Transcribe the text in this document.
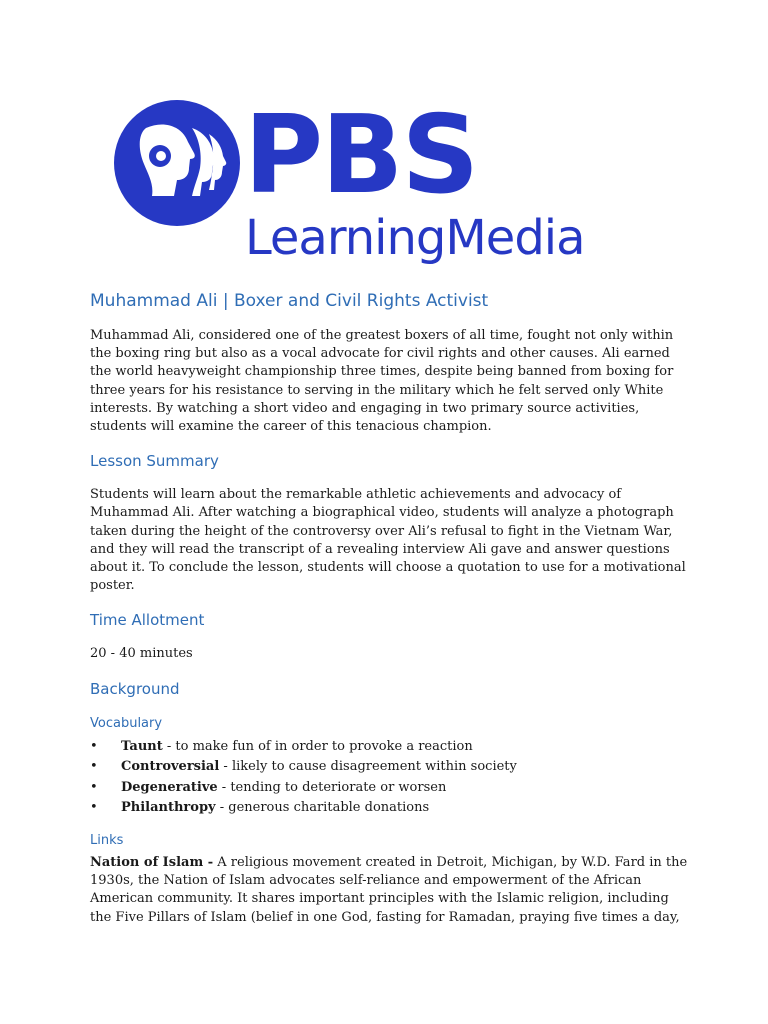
PBS
LearningMedia
Muhammad Ali | Boxer and Civil Rights Activist

Muhammad Ali, considered one of the greatest boxers of all time, fought not only within the boxing ring but also as a vocal advocate for civil rights and other causes. Ali earned the world heavyweight championship three times, despite being banned from boxing for three years for his resistance to serving in the military which he felt served only White interests. By watching a short video and engaging in two primary source activities, students will examine the career of this tenacious champion.

Lesson Summary

Students will learn about the remarkable athletic achievements and advocacy of Muhammad Ali. After watching a biographical video, students will analyze a photograph taken during the height of the controversy over Ali’s refusal to fight in the Vietnam War, and they will read the transcript of a revealing interview Ali gave and answer questions about it. To conclude the lesson, students will choose a quotation to use for a motivational poster.

Time Allotment

20 - 40 minutes

Background
Vocabulary
• Taunt - to make fun of in order to provoke a reaction
• Controversial - likely to cause disagreement within society
• Degenerative - tending to deteriorate or worsen
• Philanthropy - generous charitable donations
Links

Nation of Islam - A religious movement created in Detroit, Michigan, by W.D. Fard in the 1930s, the Nation of Islam advocates self-reliance and empowerment of the African American community. It shares important principles with the Islamic religion, including the Five Pillars of Islam (belief in one God, fasting for Ramadan, praying five times a day,
